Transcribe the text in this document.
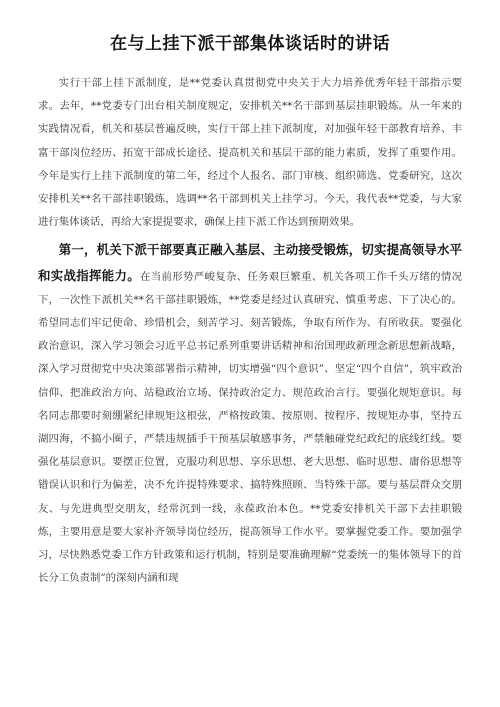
在与上挂下派干部集体谈话时的讲话

实行干部上挂下派制度，是**党委认真贯彻党中央关于大力培养优秀年轻干部指示要求。去年，**党委专门出台相关制度规定，安排机关**名干部到基层挂职锻炼。从一年来的实践情况看，机关和基层普遍反映，实行干部上挂下派制度，对加强年轻干部教育培养、丰富干部岗位经历、拓宽干部成长途径、提高机关和基层干部的能力素质，发挥了重要作用。今年是实行上挂下派制度的第二年，经过个人报名、部门审核、组织筛选、党委研究，这次安排机关**名干部挂职锻炼，选调**名干部到机关上挂学习。今天，我代表**党委，与大家进行集体谈话，再给大家提提要求，确保上挂下派工作达到预期效果。

第一，机关下派干部要真正融入基层、主动接受锻炼，切实提高领导水平和实战指挥能力。在当前形势严峻复杂、任务艰巨繁重、机关各项工作千头万绪的情况下，一次性下派机关**名干部挂职锻炼，**党委是经过认真研究、慎重考虑、下了决心的。希望同志们牢记使命、珍惜机会，刻苦学习、刻苦锻炼，争取有所作为、有所收获。要强化政治意识，深入学习领会习近平总书记系列重要讲话精神和治国理政新理念新思想新战略，深入学习贯彻党中央决策部署指示精神，切实增强“四个意识”、坚定“四个自信”，筑牢政治信仰、把准政治方向、站稳政治立场、保持政治定力、规范政治言行。要强化规矩意识。每名同志都要时刻绷紧纪律规矩这根弦，严格按政策、按原则、按程序、按规矩办事，坚持五湖四海，不搞小圈子，严禁违规插手干预基层敏感事务，严禁触碰党纪政纪的底线红线。要强化基层意识。要摆正位置，克服功利思想、享乐思想、老大思想、临时思想、庸俗思想等错误认识和行为偏差，决不允许提特殊要求、搞特殊照顾、当特殊干部。要与基层群众交朋友、与先进典型交朋友，经常沉到一线，永葆政治本色。**党委安排机关干部下去挂职锻炼，主要用意是要大家补齐领导岗位经历，提高领导工作水平。要掌握党委工作。要加强学习，尽快熟悉党委工作方针政策和运行机制，特别是要准确理解“党委统一的集体领导下的首长分工负责制”的深刻内涵和现
